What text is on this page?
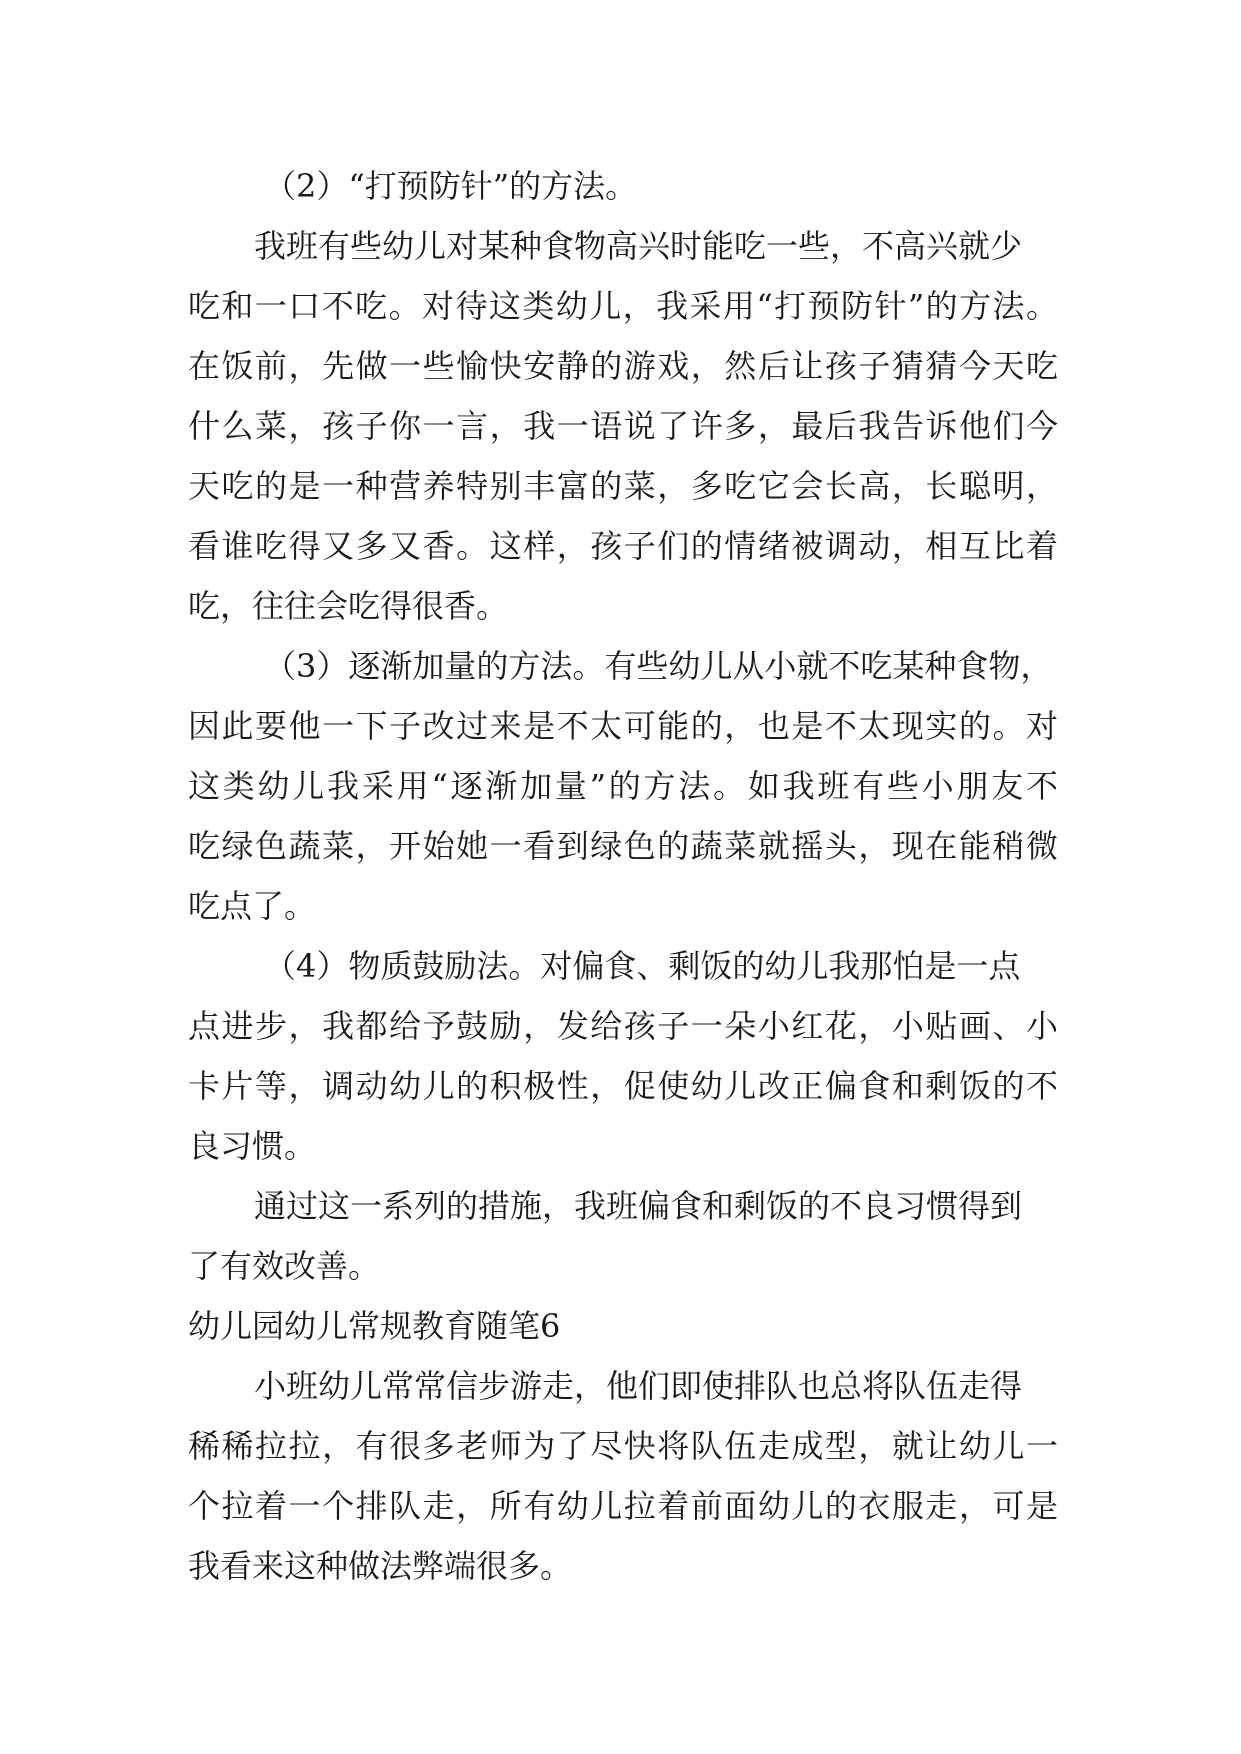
（2）“打预防针”的方法。

我班有些幼儿对某种食物高兴时能吃一些，不高兴就少

吃和一口不吃。对待这类幼儿，我采用“打预防针”的方法。

在饭前，先做一些愉快安静的游戏，然后让孩子猜猜今天吃

什么菜，孩子你一言，我一语说了许多，最后我告诉他们今

天吃的是一种营养特别丰富的菜，多吃它会长高，长聪明，

看谁吃得又多又香。这样，孩子们的情绪被调动，相互比着

吃，往往会吃得很香。

（3）逐渐加量的方法。有些幼儿从小就不吃某种食物，

因此要他一下子改过来是不太可能的，也是不太现实的。对

这类幼儿我采用“逐渐加量”的方法。如我班有些小朋友不

吃绿色蔬菜，开始她一看到绿色的蔬菜就摇头，现在能稍微

吃点了。

（4）物质鼓励法。对偏食、剩饭的幼儿我那怕是一点

点进步，我都给予鼓励，发给孩子一朵小红花，小贴画、小

卡片等，调动幼儿的积极性，促使幼儿改正偏食和剩饭的不

良习惯。

通过这一系列的措施，我班偏食和剩饭的不良习惯得到

了有效改善。

幼儿园幼儿常规教育随笔6

小班幼儿常常信步游走，他们即使排队也总将队伍走得

稀稀拉拉，有很多老师为了尽快将队伍走成型，就让幼儿一

个拉着一个排队走，所有幼儿拉着前面幼儿的衣服走，可是

我看来这种做法弊端很多。
